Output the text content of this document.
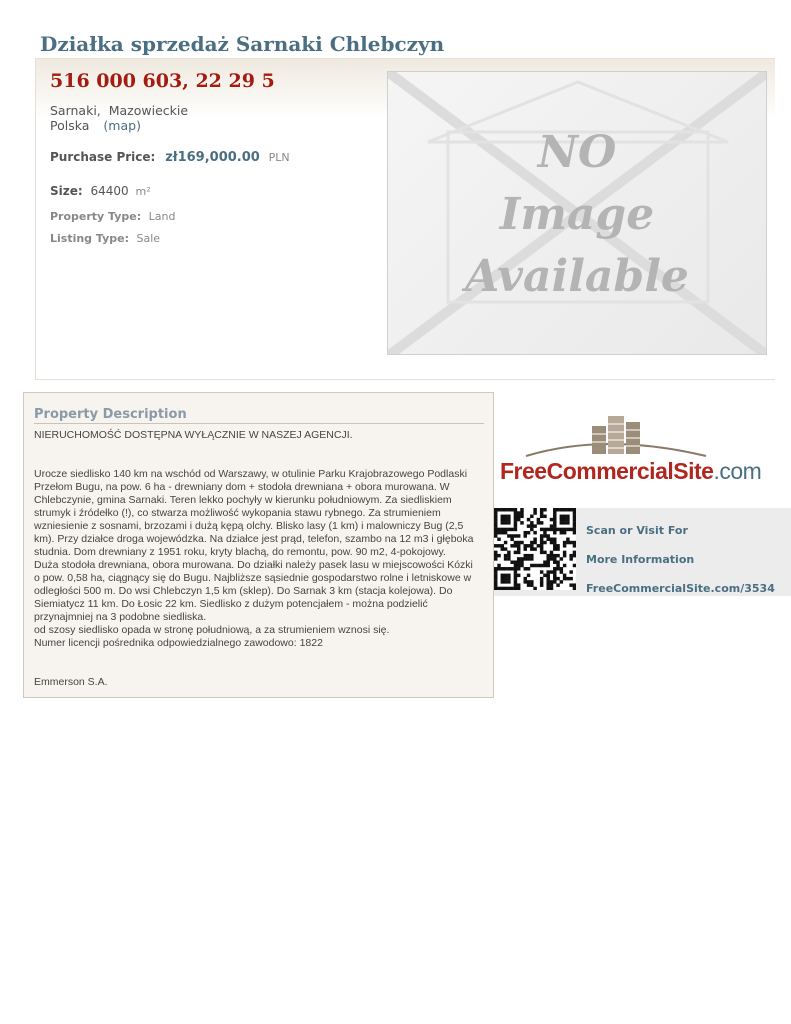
Działka sprzedaż Sarnaki Chlebczyn
516 000 603, 22 29 5
Sarnaki, Mazowieckie
Polska (map)
Purchase Price: zł169,000.00 PLN
Size: 64400 m²
Property Type: Land
Listing Type: Sale
NO
Image
Available
Property Description
NIERUCHOMOŚĆ DOSTĘPNA WYŁĄCZNIE W NASZEJ AGENCJI.

Urocze siedlisko 140 km na wschód od Warszawy, w otulinie Parku Krajobrazowego Podlaski
Przełom Bugu, na pow. 6 ha - drewniany dom + stodoła drewniana + obora murowana. W
Chlebczynie, gmina Sarnaki. Teren lekko pochyły w kierunku południowym. Za siedliskiem
strumyk i źródełko (!), co stwarza możliwość wykopania stawu rybnego. Za strumieniem
wzniesienie z sosnami, brzozami i dużą kępą olchy. Blisko lasy (1 km) i malowniczy Bug (2,5
km). Przy działce droga wojewódzka. Na działce jest prąd, telefon, szambo na 12 m3 i głęboka
studnia. Dom drewniany z 1951 roku, kryty blachą, do remontu, pow. 90 m2, 4-pokojowy.
Duża stodoła drewniana, obora murowana. Do działki należy pasek lasu w miejscowości Kózki
o pow. 0,58 ha, ciągnący się do Bugu. Najbliższe sąsiednie gospodarstwo rolne i letniskowe w
odległości 500 m. Do wsi Chlebczyn 1,5 km (sklep). Do Sarnak 3 km (stacja kolejowa). Do
Siemiatycz 11 km. Do Łosic 22 km. Siedlisko z dużym potencjałem - można podzielić
przynajmniej na 3 podobne siedliska.
od szosy siedlisko opada w stronę południową, a za strumieniem wznosi się.
Numer licencji pośrednika odpowiedzialnego zawodowo: 1822

Emmerson S.A.
FreeCommercialSite.com
Scan or Visit For
More Information
FreeCommercialSite.com/3534
